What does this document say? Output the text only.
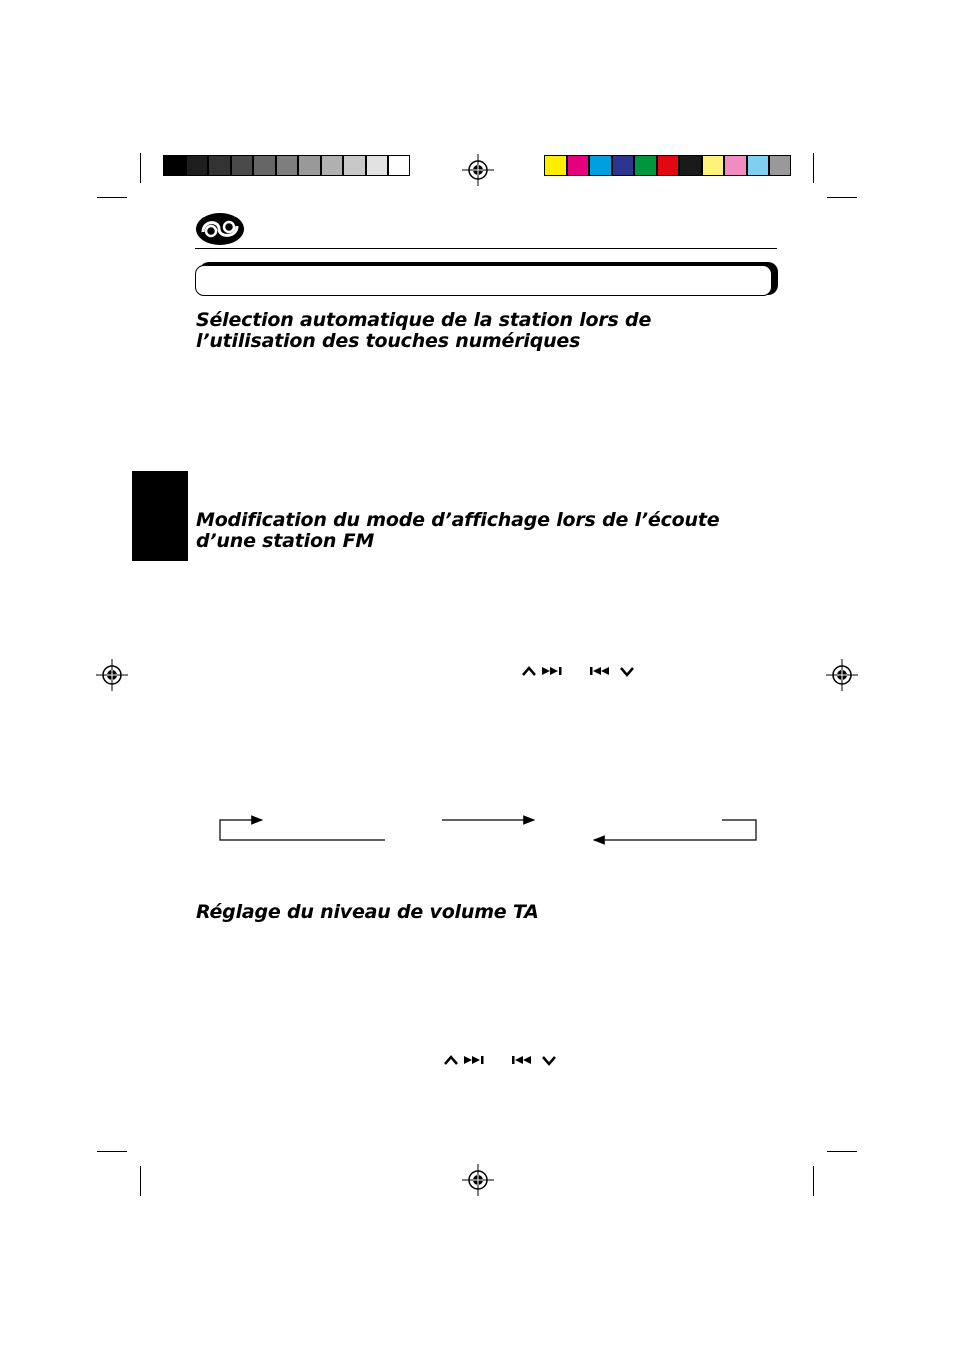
Sélection automatique de la station lors de l’utilisation des touches numériques
Modification du mode d’affichage lors de l’écoute d’une station FM
Réglage du niveau de volume TA
